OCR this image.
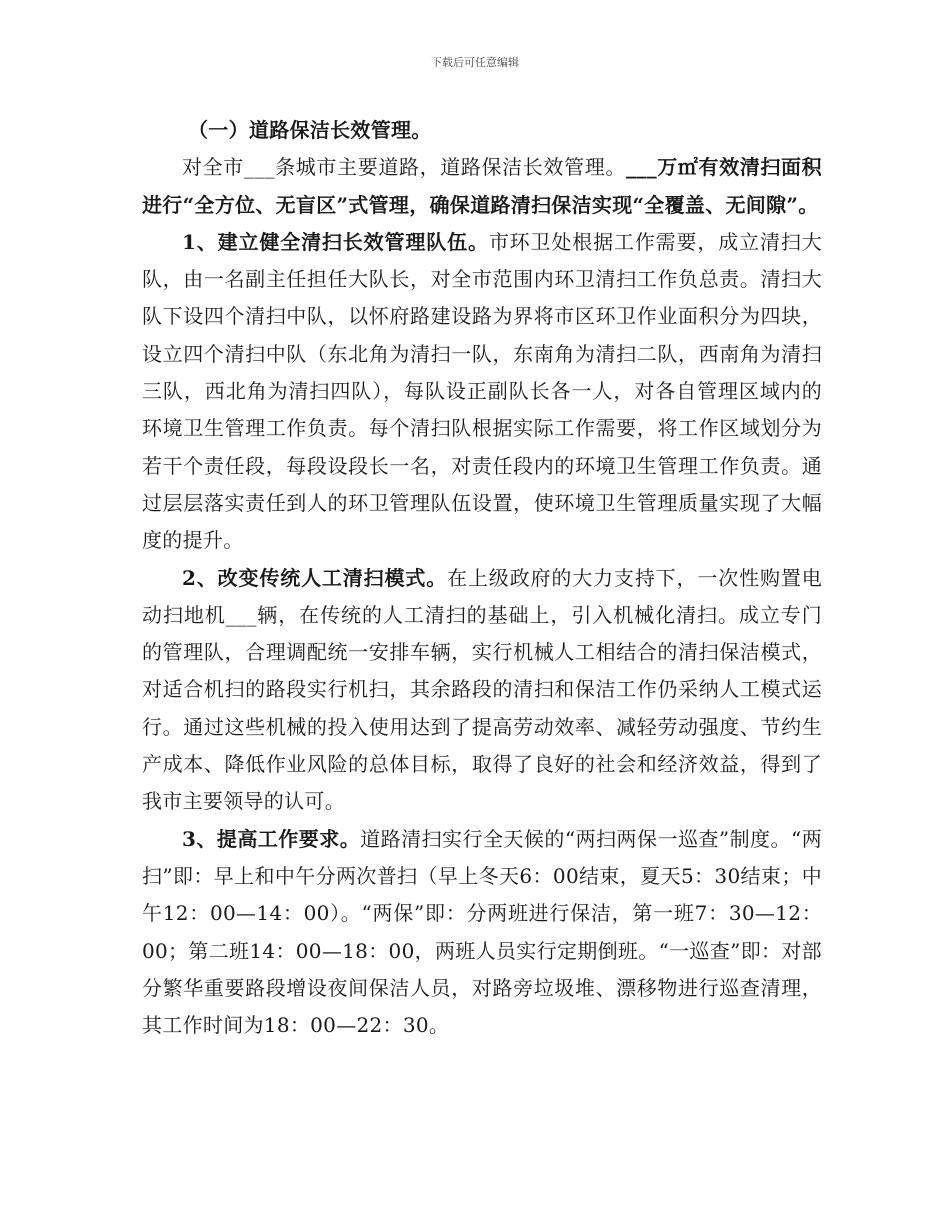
下载后可任意编辑

（一）道路保洁长效管理。

对全市___条城市主要道路，道路保洁长效管理。___万㎡有效清扫面积进行“全方位、无盲区”式管理，确保道路清扫保洁实现“全覆盖、无间隙”。

1、建立健全清扫长效管理队伍。市环卫处根据工作需要，成立清扫大队，由一名副主任担任大队长，对全市范围内环卫清扫工作负总责。清扫大队下设四个清扫中队，以怀府路建设路为界将市区环卫作业面积分为四块，设立四个清扫中队（东北角为清扫一队，东南角为清扫二队，西南角为清扫三队，西北角为清扫四队），每队设正副队长各一人，对各自管理区域内的环境卫生管理工作负责。每个清扫队根据实际工作需要，将工作区域划分为若干个责任段，每段设段长一名，对责任段内的环境卫生管理工作负责。通过层层落实责任到人的环卫管理队伍设置，使环境卫生管理质量实现了大幅度的提升。

2、改变传统人工清扫模式。在上级政府的大力支持下，一次性购置电动扫地机___辆，在传统的人工清扫的基础上，引入机械化清扫。成立专门的管理队，合理调配统一安排车辆，实行机械人工相结合的清扫保洁模式，对适合机扫的路段实行机扫，其余路段的清扫和保洁工作仍采纳人工模式运行。通过这些机械的投入使用达到了提高劳动效率、减轻劳动强度、节约生产成本、降低作业风险的总体目标，取得了良好的社会和经济效益，得到了我市主要领导的认可。

3、提高工作要求。道路清扫实行全天候的“两扫两保一巡查”制度。“两扫”即：早上和中午分两次普扫（早上冬天6：00结束，夏天5：30结束；中午12：00—14：00）。“两保”即：分两班进行保洁，第一班7：30—12：00；第二班14：00—18：00，两班人员实行定期倒班。“一巡查”即：对部分繁华重要路段增设夜间保洁人员，对路旁垃圾堆、漂移物进行巡查清理，其工作时间为18：00—22：30。
